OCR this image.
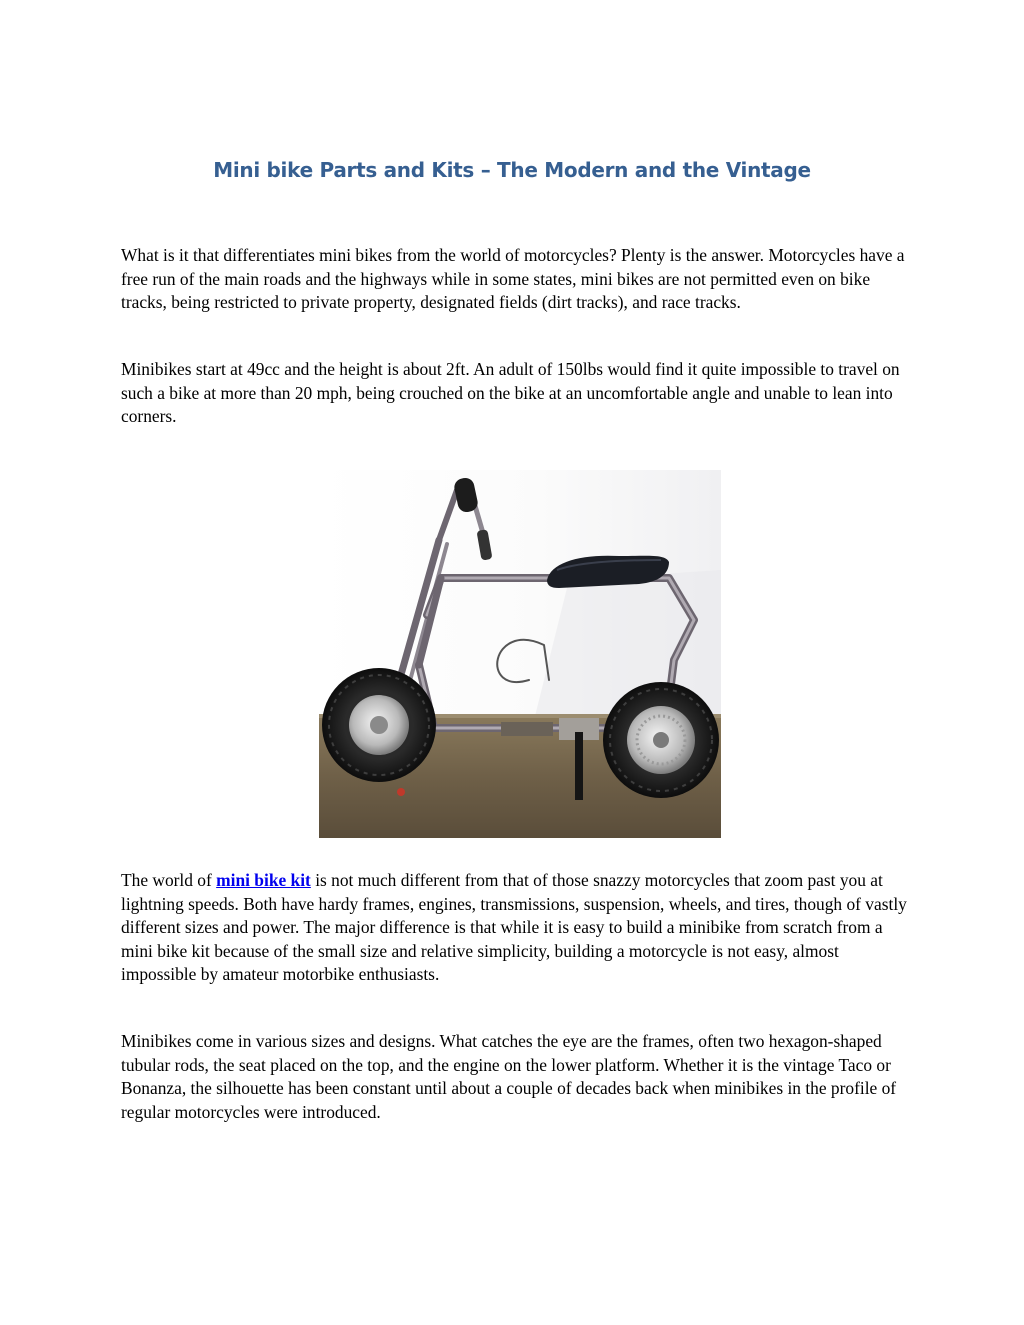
Mini bike Parts and Kits – The Modern and the Vintage

What is it that differentiates mini bikes from the world of motorcycles? Plenty is the answer. Motorcycles have a free run of the main roads and the highways while in some states, mini bikes are not permitted even on bike tracks, being restricted to private property, designated fields (dirt tracks), and race tracks.

Minibikes start at 49cc and the height is about 2ft. An adult of 150lbs would find it quite impossible to travel on such a bike at more than 20 mph, being crouched on the bike at an uncomfortable angle and unable to lean into corners.

The world of mini bike kit is not much different from that of those snazzy motorcycles that zoom past you at lightning speeds. Both have hardy frames, engines, transmissions, suspension, wheels, and tires, though of vastly different sizes and power. The major difference is that while it is easy to build a minibike from scratch from a mini bike kit because of the small size and relative simplicity, building a motorcycle is not easy, almost impossible by amateur motorbike enthusiasts.

Minibikes come in various sizes and designs. What catches the eye are the frames, often two hexagon-shaped tubular rods, the seat placed on the top, and the engine on the lower platform. Whether it is the vintage Taco or Bonanza, the silhouette has been constant until about a couple of decades back when minibikes in the profile of regular motorcycles were introduced.
